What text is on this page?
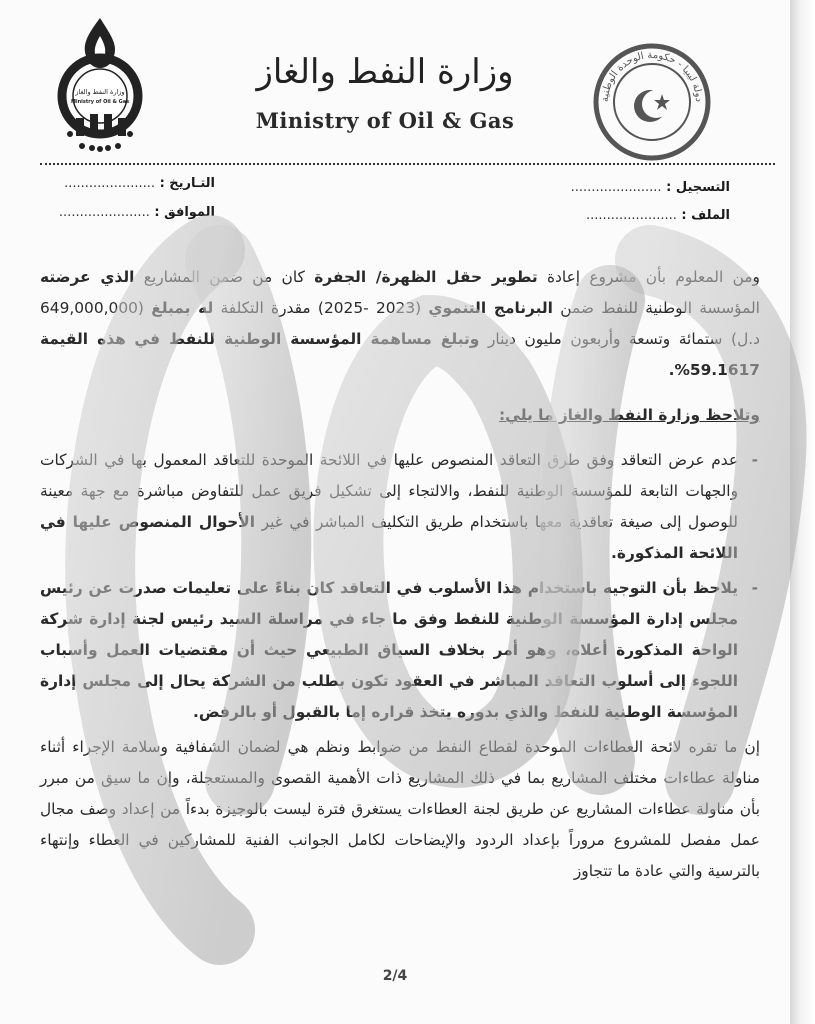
وزارة النفط والغاز
Ministry of Oil & Gas
وزارة النفط والغاز
Ministry of Oil & Gas
دولة ليبيا - حكومة الوحدة الوطنية
التسجيل : ......................
الملف : ......................
التـاريخ : ......................
الموافق : ......................

ومن المعلوم بأن مشروع إعادة تطوير حقل الظهرة/ الجفرة كان من ضمن المشاريع الذي عرضته المؤسسة الوطنية للنفط ضمن البرنامج التنموي (2023 -2025) مقدرة التكلفة له بمبلغ (649,000,000 د.ل) ستمائة وتسعة وأربعون مليون دينار وتبلغ مساهمة المؤسسة الوطنية للنفط في هذه القيمة 59.1617%.

وتلاحظ وزارة النفط والغاز ما يلي:

- عدم عرض التعاقد وفق طرق التعاقد المنصوص عليها في اللائحة الموحدة للتعاقد المعمول بها في الشركات والجهات التابعة للمؤسسة الوطنية للنفط، والالتجاء إلى تشكيل فريق عمل للتفاوض مباشرة مع جهة معينة للوصول إلى صيغة تعاقدية معها باستخدام طريق التكليف المباشر في غير الأحوال المنصوص عليها في اللائحة المذكورة.

- يلاحظ بأن التوجيه باستخدام هذا الأسلوب في التعاقد كان بناءً على تعليمات صدرت عن رئيس مجلس إدارة المؤسسة الوطنية للنفط وفق ما جاء في مراسلة السيد رئيس لجنة إدارة شركة الواحة المذكورة أعلاه، وهو أمر بخلاف السياق الطبيعي حيث أن مقتضيات العمل وأسباب اللجوء إلى أسلوب التعاقد المباشر في العقود تكون بطلب من الشركة يحال إلى مجلس إدارة المؤسسة الوطنية للنفط والذي بدوره يتخذ قراره إما بالقبول أو بالرفض.

إن ما تقره لائحة العطاءات الموحدة لقطاع النفط من ضوابط ونظم هي لضمان الشفافية وسلامة الإجراء أثناء مناولة عطاءات مختلف المشاريع بما في ذلك المشاريع ذات الأهمية القصوى والمستعجلة، وإن ما سيق من مبرر بأن مناولة عطاءات المشاريع عن طريق لجنة العطاءات يستغرق فترة ليست بالوجيزة بدءاً من إعداد وصف مجال عمل مفصل للمشروع مروراً بإعداد الردود والإيضاحات لكامل الجوانب الفنية للمشاركين في العطاء وإنتهاء بالترسية والتي عادة ما تتجاوز

2/4
